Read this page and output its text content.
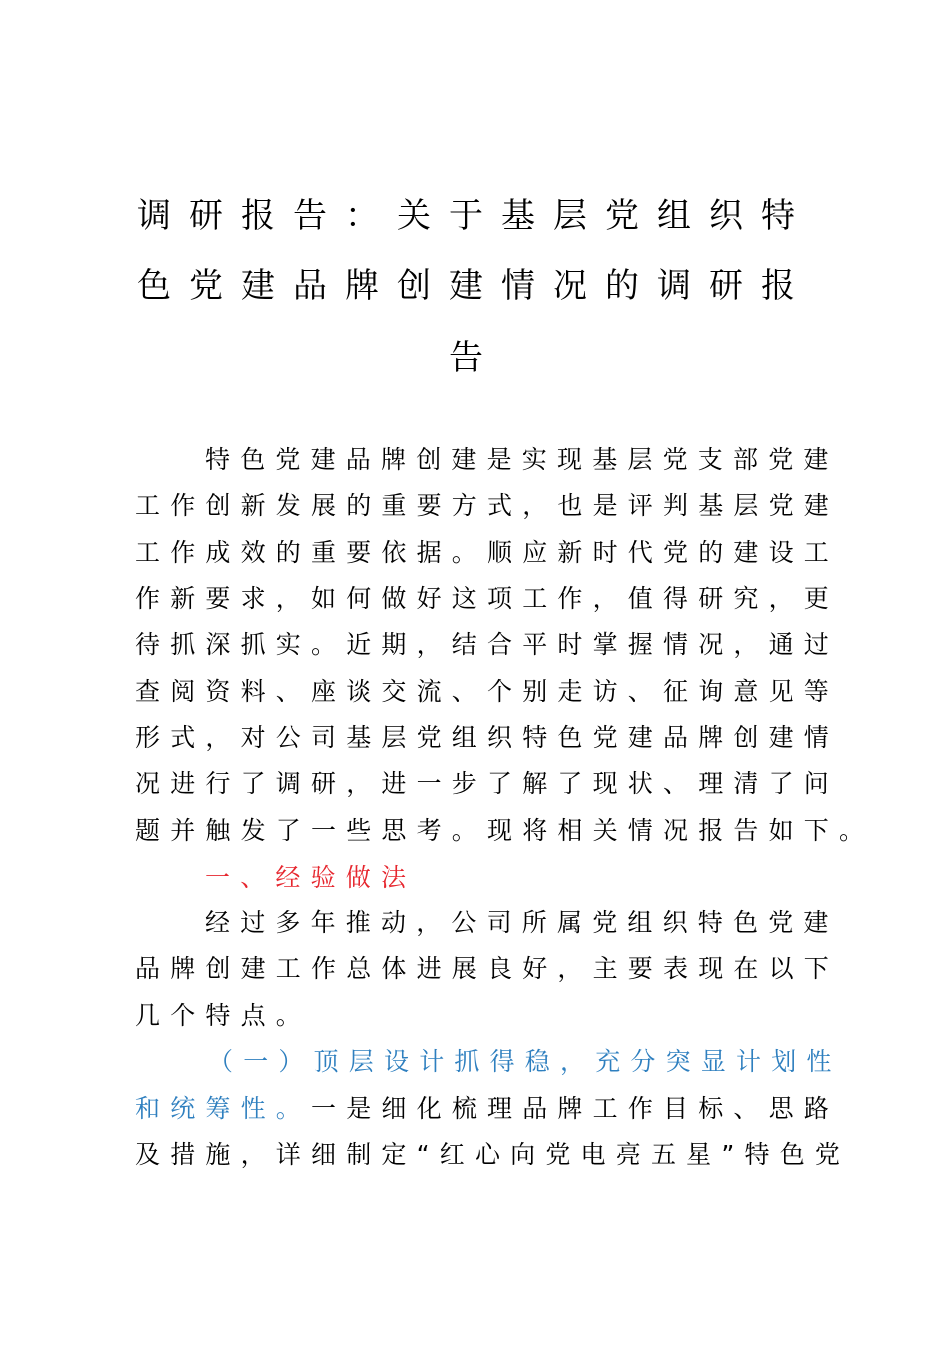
调研报告：关于基层党组织特
色党建品牌创建情况的调研报
告
特色党建品牌创建是实现基层党支部党建
工作创新发展的重要方式，也是评判基层党建
工作成效的重要依据。顺应新时代党的建设工
作新要求，如何做好这项工作，值得研究，更
待抓深抓实。近期，结合平时掌握情况，通过
查阅资料、座谈交流、个别走访、征询意见等
形式，对公司基层党组织特色党建品牌创建情
况进行了调研，进一步了解了现状、理清了问
题并触发了一些思考。现将相关情况报告如下。
一、经验做法
经过多年推动，公司所属党组织特色党建
品牌创建工作总体进展良好，主要表现在以下
几个特点。
（一）顶层设计抓得稳，充分突显计划性
和统筹性。一是细化梳理品牌工作目标、思路
及措施，详细制定“红心向党电亮五星”特色党
